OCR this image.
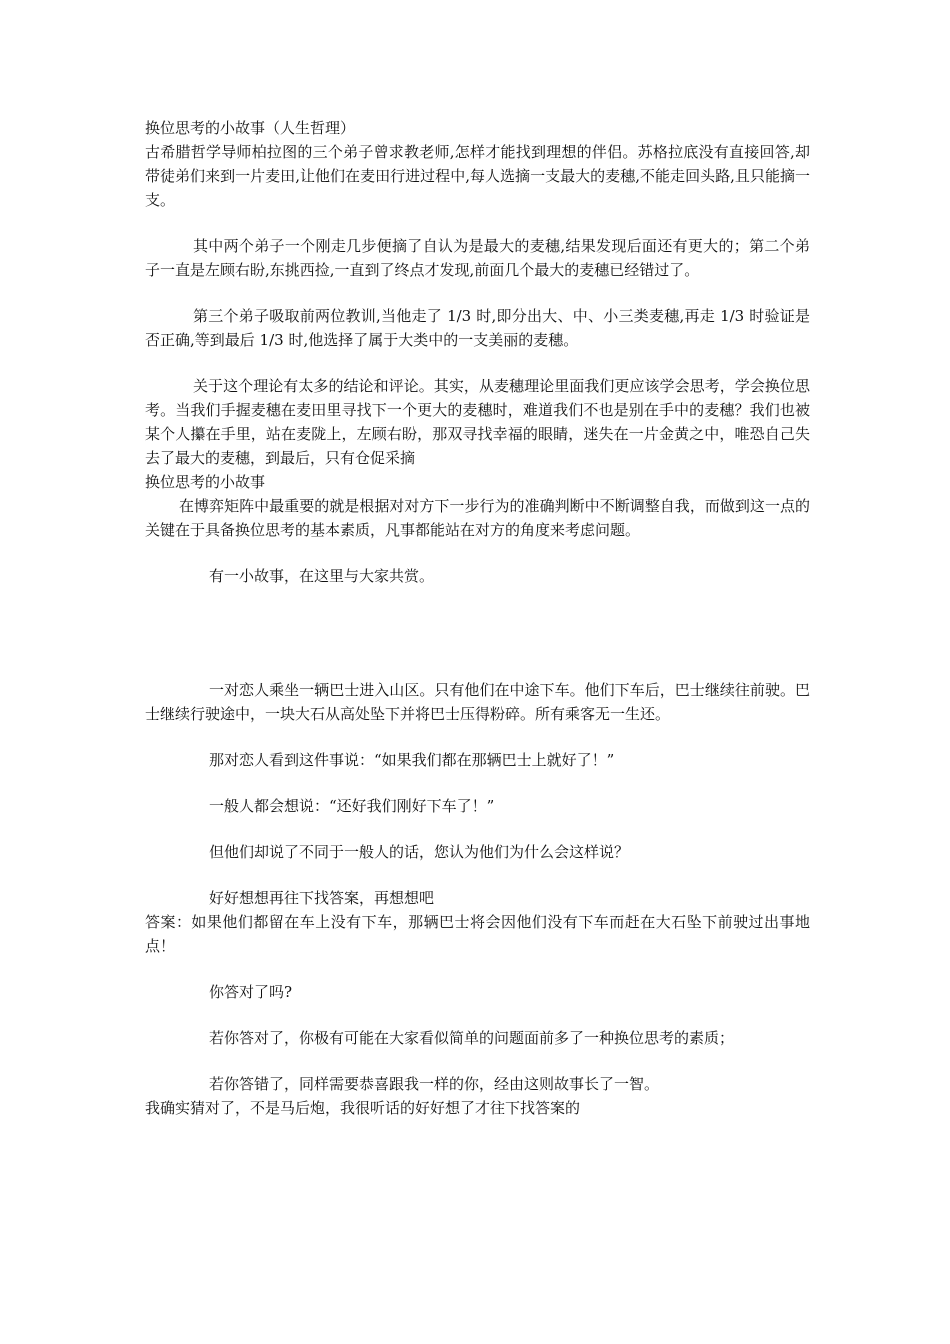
换位思考的小故事（人生哲理）

古希腊哲学导师柏拉图的三个弟子曾求教老师,怎样才能找到理想的伴侣。苏格拉底没有直接回答,却带徒弟们来到一片麦田,让他们在麦田行进过程中,每人选摘一支最大的麦穗,不能走回头路,且只能摘一支。

其中两个弟子一个刚走几步便摘了自认为是最大的麦穗,结果发现后面还有更大的；第二个弟子一直是左顾右盼,东挑西捡,一直到了终点才发现,前面几个最大的麦穗已经错过了。

第三个弟子吸取前两位教训,当他走了 1/3 时,即分出大、中、小三类麦穗,再走 1/3 时验证是否正确,等到最后 1/3 时,他选择了属于大类中的一支美丽的麦穗。

关于这个理论有太多的结论和评论。其实，从麦穗理论里面我们更应该学会思考，学会换位思考。当我们手握麦穗在麦田里寻找下一个更大的麦穗时，难道我们不也是别在手中的麦穗？我们也被某个人攥在手里，站在麦陇上，左顾右盼，那双寻找幸福的眼睛，迷失在一片金黄之中，唯恐自己失去了最大的麦穗，到最后，只有仓促采摘

换位思考的小故事

在博弈矩阵中最重要的就是根据对对方下一步行为的准确判断中不断调整自我，而做到这一点的关键在于具备换位思考的基本素质，凡事都能站在对方的角度来考虑问题。

有一小故事，在这里与大家共赏。

一对恋人乘坐一辆巴士进入山区。只有他们在中途下车。他们下车后，巴士继续往前驶。巴士继续行驶途中，一块大石从高处坠下并将巴士压得粉碎。所有乘客无一生还。

那对恋人看到这件事说：“如果我们都在那辆巴士上就好了！”

一般人都会想说：“还好我们刚好下车了！”

但他们却说了不同于一般人的话，您认为他们为什么会这样说？

好好想想再往下找答案，再想想吧

答案：如果他们都留在车上没有下车，那辆巴士将会因他们没有下车而赶在大石坠下前驶过出事地点！

你答对了吗?

若你答对了，你极有可能在大家看似简单的问题面前多了一种换位思考的素质；

若你答错了，同样需要恭喜跟我一样的你，经由这则故事长了一智。

我确实猜对了，不是马后炮，我很听话的好好想了才往下找答案的
